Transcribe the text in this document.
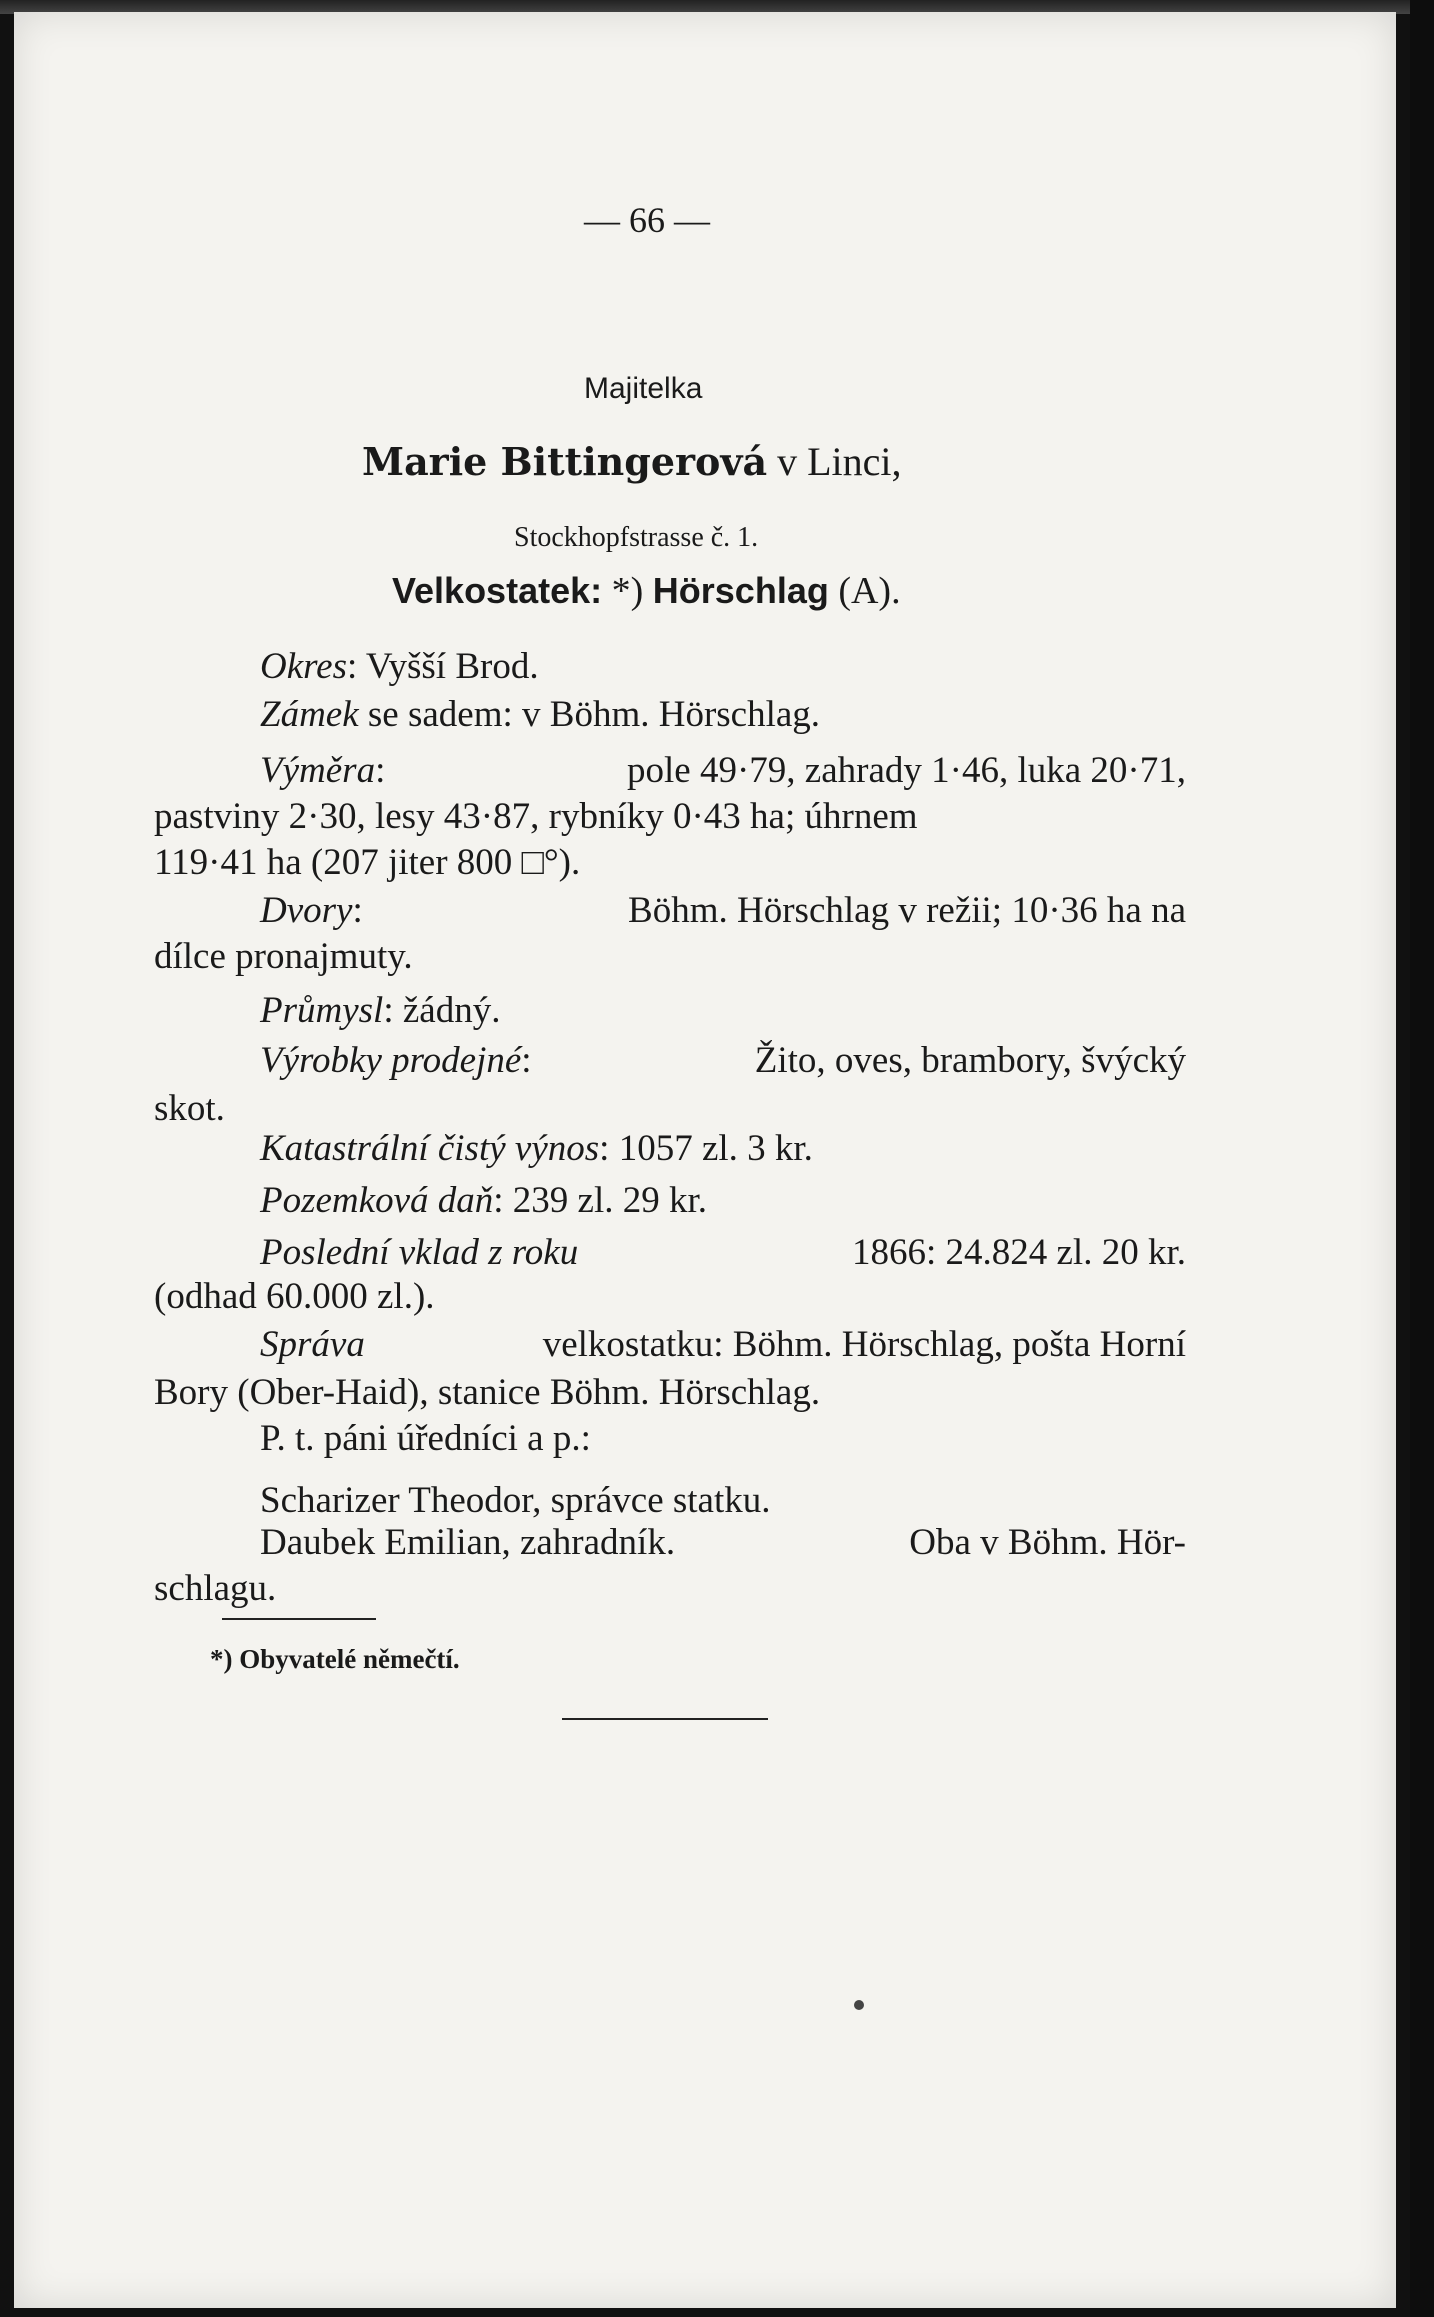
— 66 —
Majitelka
Marie Bittingerová v Linci,
Stockhopfstrasse č. 1.
Velkostatek: *) Hörschlag (A).
Okres: Vyšší Brod.
Zámek se sadem: v Böhm. Hörschlag.
Výměra:	pole 49·79, zahrady 1·46, luka 20·71,
pastviny 2·30, lesy 43·87, rybníky 0·43 ha; úhrnem
119·41 ha (207 jiter 800 □°).
Dvory:	Böhm. Hörschlag v režii; 10·36 ha na
dílce pronajmuty.
Průmysl: žádný.
Výrobky prodejné:	Žito, oves, brambory, švýcký
skot.
Katastrální čistý výnos: 1057 zl. 3 kr.
Pozemková daň: 239 zl. 29 kr.
Poslední vklad z roku	1866: 24.824 zl. 20 kr.
(odhad 60.000 zl.).
Správa	velkostatku: Böhm. Hörschlag, pošta Horní
Bory (Ober-Haid), stanice Böhm. Hörschlag.
P. t. páni úředníci a p.:
Scharizer Theodor, správce statku.
Daubek Emilian, zahradník.	Oba v Böhm. Hör-
schlagu.
*) Obyvatelé němečtí.
